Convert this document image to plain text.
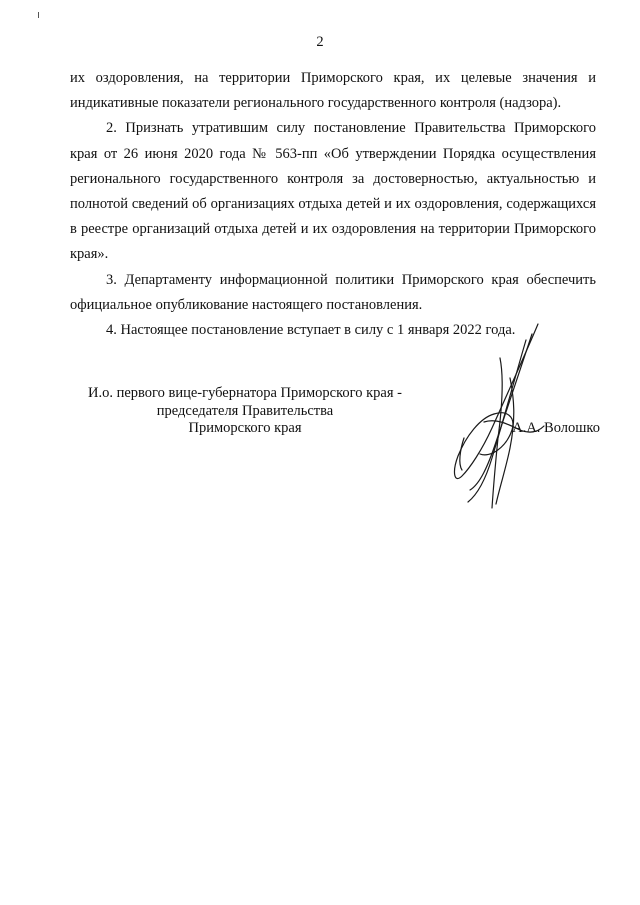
2

их оздоровления, на территории Приморского края, их целевые значения и индикативные показатели регионального государственного контроля (надзора).

2. Признать утратившим силу постановление Правительства Приморского края от 26 июня 2020 года № 563-пп «Об утверждении Порядка осуществления регионального государственного контроля за достоверностью, актуальностью и полнотой сведений об организациях отдыха детей и их оздоровления, содержащихся в реестре организаций отдыха детей и их оздоровления на территории Приморского края».

3. Департаменту информационной политики Приморского края обеспечить официальное опубликование настоящего постановления.

4. Настоящее постановление вступает в силу с 1 января 2022 года.

И.о. первого вице-губернатора Приморского края -
председателя Правительства
Приморского края	А.А. Волошко
